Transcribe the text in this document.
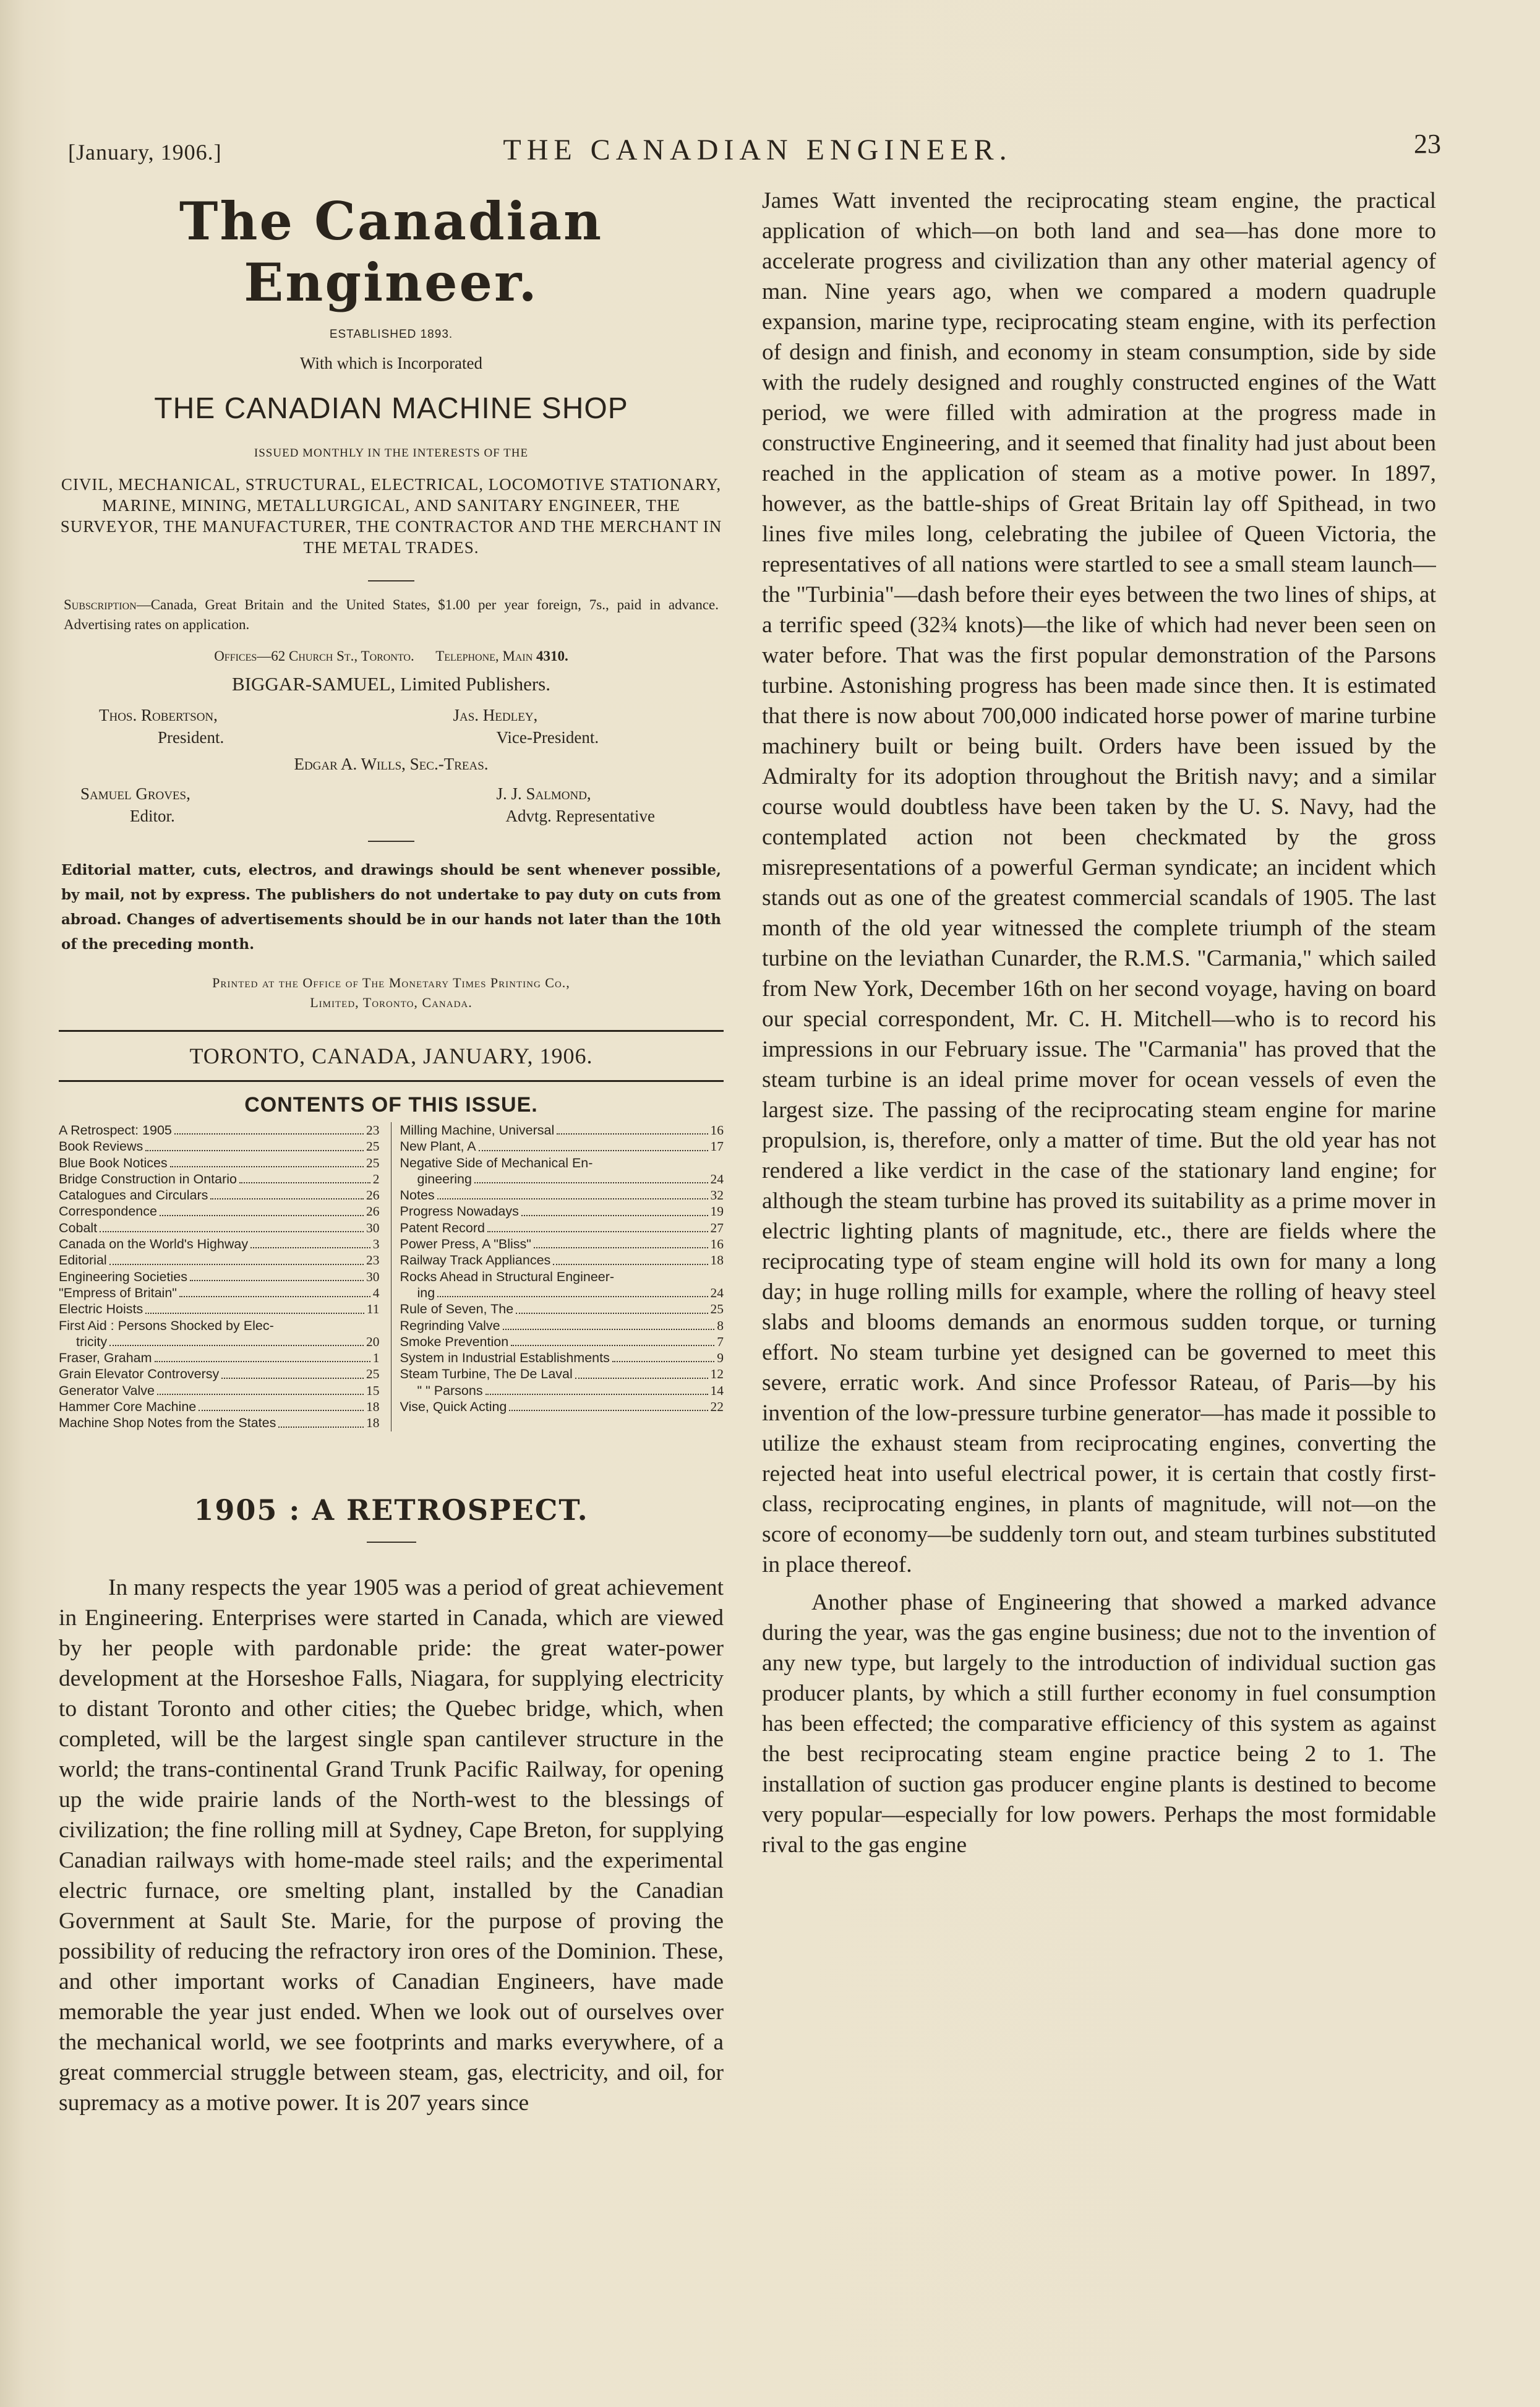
[January, 1906.]	THE CANADIAN ENGINEER.	23
The Canadian Engineer.
ESTABLISHED 1893.
With which is Incorporated
THE CANADIAN MACHINE SHOP
ISSUED MONTHLY IN THE INTERESTS OF THE
CIVIL, MECHANICAL, STRUCTURAL, ELECTRICAL, LOCOMOTIVE STATIONARY, MARINE, MINING, METALLURGICAL, AND SANITARY ENGINEER, THE SURVEYOR, THE MANUFACTURER, THE CONTRACTOR AND THE MERCHANT IN THE METAL TRADES.
Subscription—Canada, Great Britain and the United States, $1.00 per year foreign, 7s., paid in advance. Advertising rates on application.
Offices—62 Church St., Toronto. Telephone, Main 4310.
BIGGAR-SAMUEL, Limited Publishers.
Thos. Robertson,	Jas. Hedley,
President.	Vice-President.
Edgar A. Wills, Sec.-Treas.
Samuel Groves,	J. J. Salmond,
Editor.	Advtg. Representative
Editorial matter, cuts, electros, and drawings should be sent whenever possible, by mail, not by express. The publishers do not undertake to pay duty on cuts from abroad. Changes of advertisements should be in our hands not later than the 10th of the preceding month.
Printed at the Office of The Monetary Times Printing Co.,
Limited, Toronto, Canada.
TORONTO, CANADA, JANUARY, 1906.
CONTENTS OF THIS ISSUE.
A Retrospect: 1905	23
Book Reviews	25
Blue Book Notices	25
Bridge Construction in Ontario	2
Catalogues and Circulars	26
Correspondence	26
Cobalt	30
Canada on the World's Highway	3
Editorial	23
Engineering Societies	30
"Empress of Britain"	4
Electric Hoists	11
First Aid : Persons Shocked by Elec-
tricity	20
Fraser, Graham	1
Grain Elevator Controversy	25
Generator Valve	15
Hammer Core Machine	18
Machine Shop Notes from the States	18
Milling Machine, Universal	16
New Plant, A	17
Negative Side of Mechanical En-
gineering	24
Notes	32
Progress Nowadays	19
Patent Record	27
Power Press, A "Bliss"	16
Railway Track Appliances	18
Rocks Ahead in Structural Engineer-
ing	24
Rule of Seven, The	25
Regrinding Valve	8
Smoke Prevention	7
System in Industrial Establishments	9
Steam Turbine, The De Laval	12
" " Parsons	14
Vise, Quick Acting	22
1905 : A RETROSPECT.

In many respects the year 1905 was a period of great achievement in Engineering. Enterprises were started in Canada, which are viewed by her people with pardonable pride: the great water-power development at the Horseshoe Falls, Niagara, for supplying electricity to distant Toronto and other cities; the Quebec bridge, which, when completed, will be the largest single span cantilever structure in the world; the trans-continental Grand Trunk Pacific Railway, for opening up the wide prairie lands of the North-west to the blessings of civilization; the fine rolling mill at Sydney, Cape Breton, for supplying Canadian railways with home-made steel rails; and the experimental electric furnace, ore smelting plant, installed by the Canadian Government at Sault Ste. Marie, for the purpose of proving the possibility of reducing the refractory iron ores of the Dominion. These, and other important works of Canadian Engineers, have made memorable the year just ended. When we look out of ourselves over the mechanical world, we see footprints and marks everywhere, of a great commercial struggle between steam, gas, electricity, and oil, for supremacy as a motive power. It is 207 years since

James Watt invented the reciprocating steam engine, the practical application of which—on both land and sea—has done more to accelerate progress and civilization than any other material agency of man. Nine years ago, when we compared a modern quadruple expansion, marine type, reciprocating steam engine, with its perfection of design and finish, and economy in steam consumption, side by side with the rudely designed and roughly constructed engines of the Watt period, we were filled with admiration at the progress made in constructive Engineering, and it seemed that finality had just about been reached in the application of steam as a motive power. In 1897, however, as the battle-ships of Great Britain lay off Spithead, in two lines five miles long, celebrating the jubilee of Queen Victoria, the representatives of all nations were startled to see a small steam launch—the "Turbinia"—dash before their eyes between the two lines of ships, at a terrific speed (32¾ knots)—the like of which had never been seen on water before. That was the first popular demonstration of the Parsons turbine. Astonishing progress has been made since then. It is estimated that there is now about 700,000 indicated horse power of marine turbine machinery built or being built. Orders have been issued by the Admiralty for its adoption throughout the British navy; and a similar course would doubtless have been taken by the U. S. Navy, had the contemplated action not been checkmated by the gross misrepresentations of a powerful German syndicate; an incident which stands out as one of the greatest commercial scandals of 1905. The last month of the old year witnessed the complete triumph of the steam turbine on the leviathan Cunarder, the R.M.S. "Carmania," which sailed from New York, December 16th on her second voyage, having on board our special correspondent, Mr. C. H. Mitchell—who is to record his impressions in our February issue. The "Carmania" has proved that the steam turbine is an ideal prime mover for ocean vessels of even the largest size. The passing of the reciprocating steam engine for marine propulsion, is, therefore, only a matter of time. But the old year has not rendered a like verdict in the case of the stationary land engine; for although the steam turbine has proved its suitability as a prime mover in electric lighting plants of magnitude, etc., there are fields where the reciprocating type of steam engine will hold its own for many a long day; in huge rolling mills for example, where the rolling of heavy steel slabs and blooms demands an enormous sudden torque, or turning effort. No steam turbine yet designed can be governed to meet this severe, erratic work. And since Professor Rateau, of Paris—by his invention of the low-pressure turbine generator—has made it possible to utilize the exhaust steam from reciprocating engines, converting the rejected heat into useful electrical power, it is certain that costly first-class, reciprocating engines, in plants of magnitude, will not—on the score of economy—be suddenly torn out, and steam turbines substituted in place thereof.

Another phase of Engineering that showed a marked advance during the year, was the gas engine business; due not to the invention of any new type, but largely to the introduction of individual suction gas producer plants, by which a still further economy in fuel consumption has been effected; the comparative efficiency of this system as against the best reciprocating steam engine practice being 2 to 1. The installation of suction gas producer engine plants is destined to become very popular—especially for low powers. Perhaps the most formidable rival to the gas engine
